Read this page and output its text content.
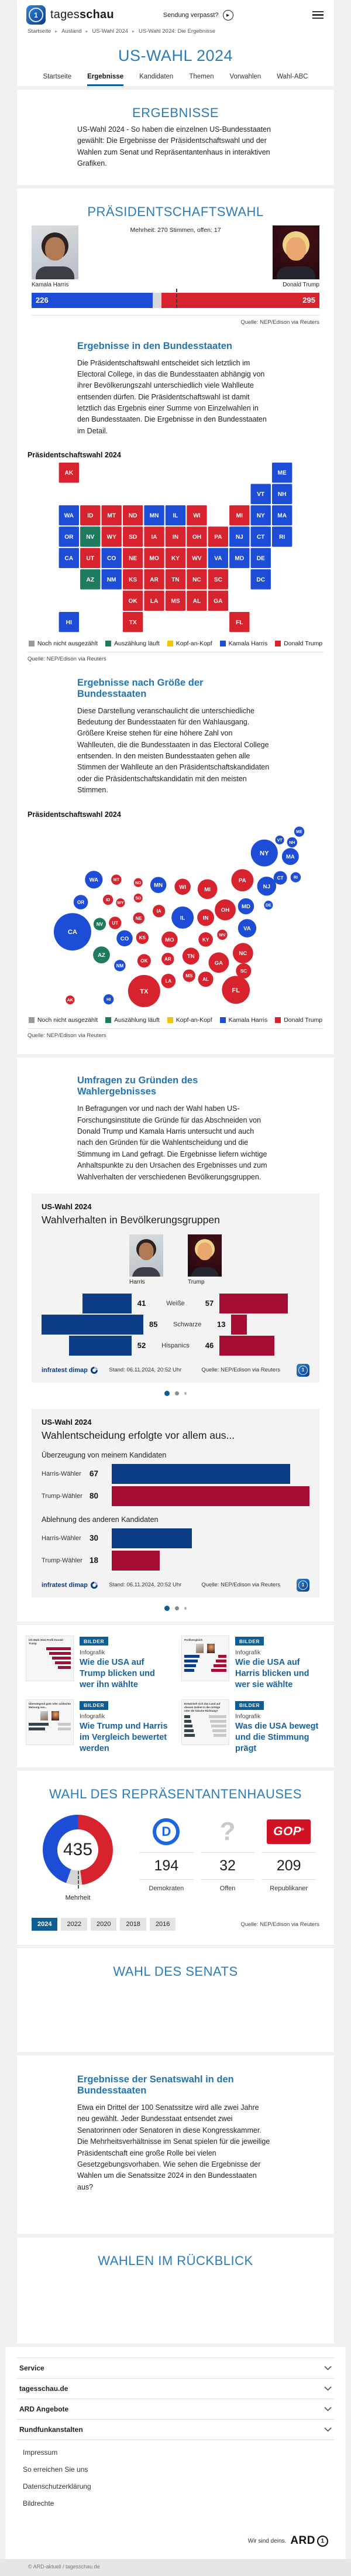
1	tagesschau	Sendung verpasst?	▶
Startseite ▸ Ausland ▸ US-Wahl 2024 ▸ US-Wahl 2024: Die Ergebnisse
US-WAHL 2024
Startseite Ergebnisse Kandidaten Themen Vorwahlen Wahl-ABC
ERGEBNISSE

US-Wahl 2024 - So haben die einzelnen US-Bundesstaaten gewählt: Die Ergebnisse der Präsidentschaftswahl und der Wahlen zum Senat und Repräsentantenhaus in interaktiven Grafiken.

PRÄSIDENTSCHAFTSWAHL
Mehrheit: 270 Stimmen, offen: 17
Kamala Harris	Donald Trump
226	295
Quelle: NEP/Edison via Reuters
Ergebnisse in den Bundesstaaten

Die Präsidentschaftswahl entscheidet sich letztlich im Electoral College, in das die Bundesstaaten abhängig von ihrer Bevölkerungszahl unterschiedlich viele Wahlleute entsenden dürfen. Die Präsidentschaftswahl ist damit letztlich das Ergebnis einer Summe von Einzelwahlen in den Bundesstaaten. Die Ergebnisse in den Bundesstaaten im Detail.

Präsidentschaftswahl 2024
AK	ME
VT NH
WA ID MT ND MN IL	WI	MI NY MA
OR NV WY SD IA	IN OH PA NJ CT RI
CA UT CO NE MO KY WV VA MD DE
AZ NM KS AR TN NC SC	DC
OK LA MS AL GA
HI	TX	FL
Noch nicht ausgezählt	Auszählung läuft	Kopf-an-Kopf	Kamala Harris	Donald Trump
Quelle: NEP/Edison via Reuters
Ergebnisse nach Größe der Bundesstaaten

Diese Darstellung veranschaulicht die unterschiedliche Bedeutung der Bundesstaaten für den Wahlausgang. Größere Kreise stehen für eine höhere Zahl von Wahlleuten, die die Bundesstaaten in das Electoral College entsenden. In den meisten Bundesstaaten gehen alle Stimmen der Wahlleute an den Präsidentschaftskandidaten oder die Präsidentschaftskandidatin mit den meisten Stimmen.

Präsidentschaftswahl 2024
ME
NH
VT
MA
NY
RI
CT
NJ
PA
MD	DE
VA
WV
OH
MI
WI
MN
IA
IL	IN
KY
TN	NC
SC
GA
AL
MS
AR
LA
MO
OK
KS
NE
SD
ND
MT
WY
CO
NM
AZ
UT
NV
ID
WA
OR
CA
AK	HI
TX	FL
Noch nicht ausgezählt	Auszählung läuft	Kopf-an-Kopf	Kamala Harris	Donald Trump
Quelle: NEP/Edison via Reuters
Umfragen zu Gründen des Wahlergebnisses

In Befragungen vor und nach der Wahl haben US-Forschungsinstitute die Gründe für das Abschneiden von Donald Trump und Kamala Harris untersucht und auch nach den Gründen für die Wahlentscheidung und die Stimmung im Land gefragt. Die Ergebnisse liefern wichtige Anhaltspunkte zu den Ursachen des Ergebnisses und zum Wahlverhalten der verschiedenen Bevölkerungsgruppen.

US-Wahl 2024
Wahlverhalten in Bevölkerungsgruppen
Harris	Trump
41	Weiße	57
85	Schwarze	13
52	Hispanics	46
infratest dimap	Stand: 06.11.2024, 20:52 Uhr	Quelle: NEP/Edison via Reuters	1
US-Wahl 2024
Wahlentscheidung erfolgte vor allem aus...
Überzeugung von meinem Kandidaten
Harris-Wähler	67
Trump-Wähler 80
Ablehnung des anderen Kandidaten
Harris-Wähler	30
Trump-Wähler 18
infratest dimap	Stand: 06.11.2024, 20:52 Uhr	Quelle: NEP/Edison via Reuters	1
US-Wahl 2024 Profil Donald Trump	BILDER
Infografik
Wie die USA auf Trump blicken und wer ihn wählte
Profilvergleich	BILDER
Infografik
Wie die USA auf Harris blicken und wer sie wählte
Überwiegend gute oder schlechte Meinung von...	BILDER
Infografik
Wie Trump und Harris im Vergleich bewertet werden
Entwickelt sich das Land auf diesem Gebiet in die richtige oder die falsche Richtung?
BILDER
Infografik
Was die USA bewegt und die Stimmung prägt
WAHL DES REPRÄSENTANTENHAUSES
435
Mehrheit
D
194
Demokraten
?
32
Offen
GOP®
209
Republikaner
2024	2022	2020	2018	2016	Quelle: NEP/Edison via Reuters
WAHL DES SENATS
Ergebnisse der Senatswahl in den Bundesstaaten

Etwa ein Drittel der 100 Senatssitze wird alle zwei Jahre neu gewählt. Jeder Bundesstaat entsendet zwei Senatorinnen oder Senatoren in diese Kongresskammer. Die Mehrheitsverhältnisse im Senat spielen für die jeweilige Präsidentschaft eine große Rolle bei vielen Gesetzgebungsvorhaben. Wie sehen die Ergebnisse der Wahlen um die Senatssitze 2024 in den Bundesstaaten aus?

WAHLEN IM RÜCKBLICK
Service
tagesschau.de
ARD Angebote
Rundfunkanstalten
Impressum
So erreichen Sie uns
Datenschutzerklärung
Bildrechte
Wir sind deins. ARD 1
© ARD-aktuell / tagesschau.de
